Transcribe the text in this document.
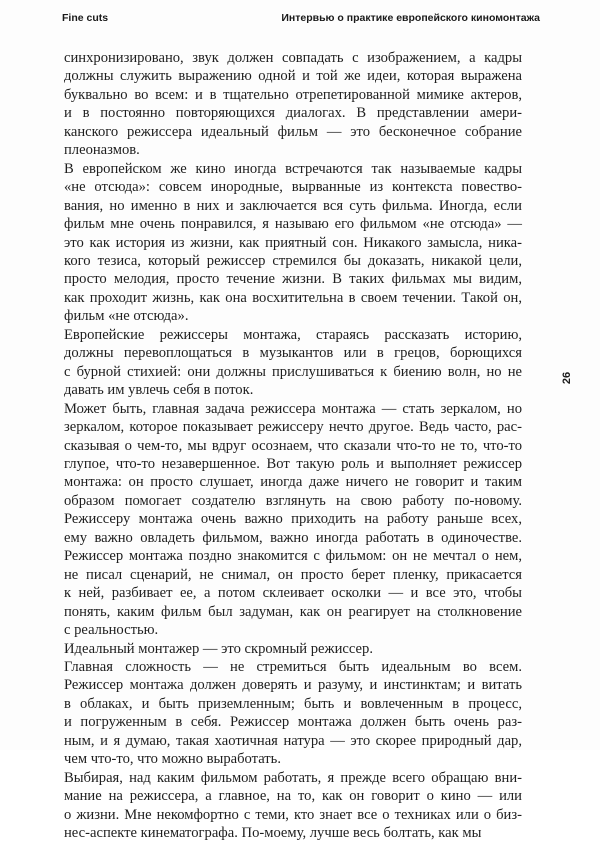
Fine cuts	Интервью о практике европейского киномонтажа
26
синхронизировано, звук должен совпадать с изображением, а кадры
должны служить выражению одной и той же идеи, которая выражена
буквально во всем: и в тщательно отрепетированной мимике актеров,
и в постоянно повторяющихся диалогах. В представлении амери-
канского режиссера идеальный фильм — это бесконечное собрание
плеоназмов.
В европейском же кино иногда встречаются так называемые кадры
«не отсюда»: совсем инородные, вырванные из контекста повество-
вания, но именно в них и заключается вся суть фильма. Иногда, если
фильм мне очень понравился, я называю его фильмом «не отсюда» —
это как история из жизни, как приятный сон. Никакого замысла, ника-
кого тезиса, который режиссер стремился бы доказать, никакой цели,
просто мелодия, просто течение жизни. В таких фильмах мы видим,
как проходит жизнь, как она восхитительна в своем течении. Такой он,
фильм «не отсюда».
Европейские режиссеры монтажа, стараясь рассказать историю,
должны перевоплощаться в музыкантов или в грецов, борющихся
с бурной стихией: они должны прислушиваться к биению волн, но не
давать им увлечь себя в поток.
Может быть, главная задача режиссера монтажа — стать зеркалом, но
зеркалом, которое показывает режиссеру нечто другое. Ведь часто, рас-
сказывая о чем-то, мы вдруг осознаем, что сказали что-то не то, что-то
глупое, что-то незавершенное. Вот такую роль и выполняет режиссер
монтажа: он просто слушает, иногда даже ничего не говорит и таким
образом помогает создателю взглянуть на свою работу по-новому.
Режиссеру монтажа очень важно приходить на работу раньше всех,
ему важно овладеть фильмом, важно иногда работать в одиночестве.
Режиссер монтажа поздно знакомится с фильмом: он не мечтал о нем,
не писал сценарий, не снимал, он просто берет пленку, прикасается
к ней, разбивает ее, а потом склеивает осколки — и все это, чтобы
понять, каким фильм был задуман, как он реагирует на столкновение
с реальностью.
Идеальный монтажер — это скромный режиссер.
Главная сложность — не стремиться быть идеальным во всем.
Режиссер монтажа должен доверять и разуму, и инстинктам; и витать
в облаках, и быть приземленным; быть и вовлеченным в процесс,
и погруженным в себя. Режиссер монтажа должен быть очень раз-
ным, и я думаю, такая хаотичная натура — это скорее природный дар,
чем что-то, что можно выработать.
Выбирая, над каким фильмом работать, я прежде всего обращаю вни-
мание на режиссера, а главное, на то, как он говорит о кино — или
о жизни. Мне некомфортно с теми, кто знает все о техниках или о биз-
нес-аспекте кинематографа. По-моему, лучше весь болтать, как мы
